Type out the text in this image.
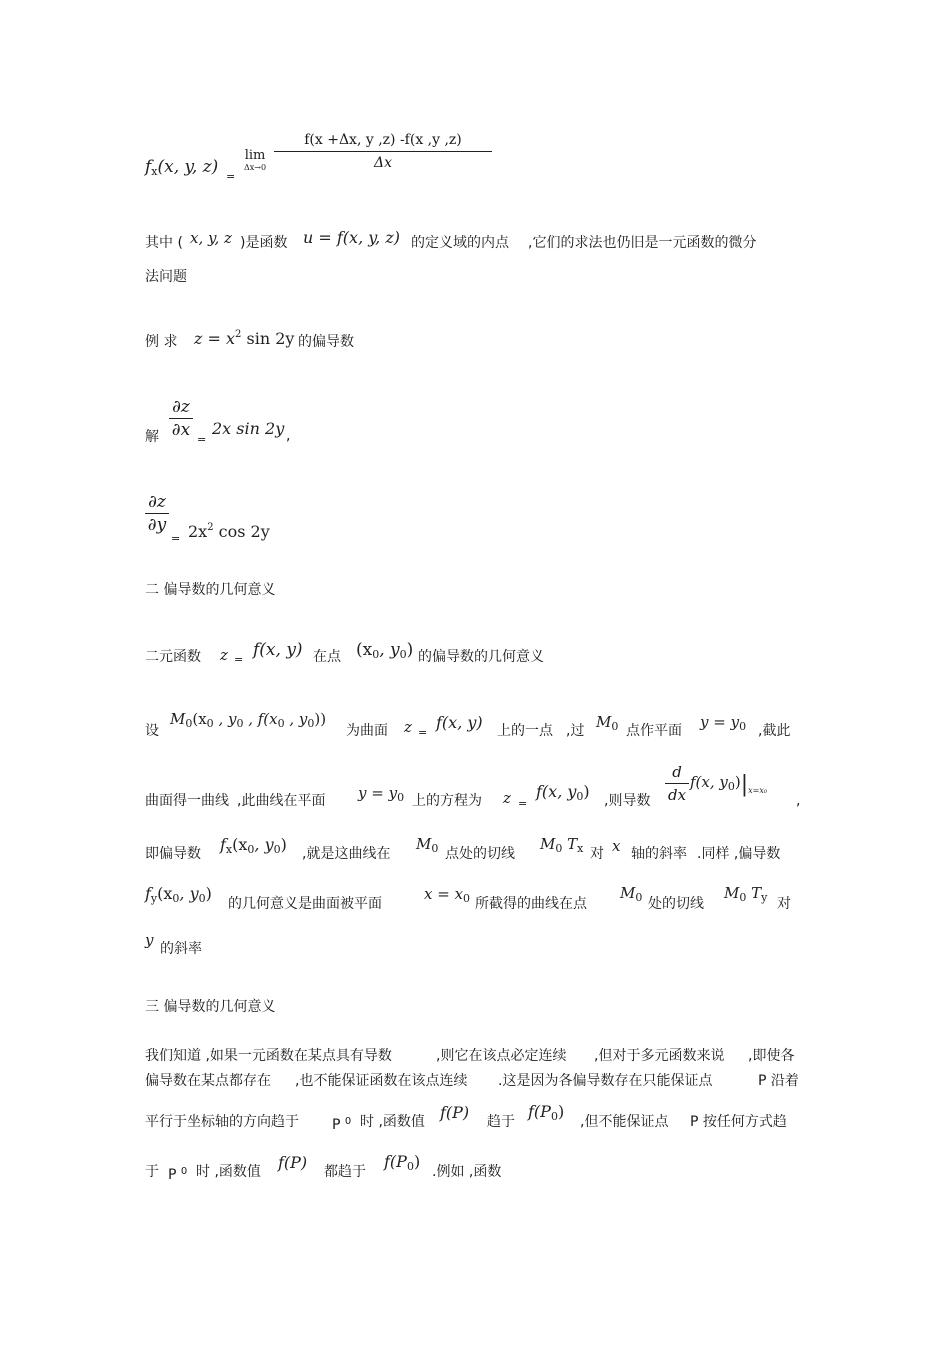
$f_x(x$, y, z) =
lim
$\Delta x\to 0 \frac{f(x +\Delta x, y ,z) -f(x ,y ,z)}{\Delta x}$
其中 ( x, y, z )是函数 u = f(x, y, z) 的定义域的内点 ,它们的求法也仍旧是一元函数的微分
法问题
例 求 $z = x^2$ sin 2y 的偏导数
解 $\frac{\partial z}{\partial x}$ =
2x sin 2y ,
$\frac{\partial z}{\partial y}$
= $2x^2$ cos 2y
二 偏导数的几何意义
二元函数 z = f(x, y) 在点 ($x_0$, $y_0$) 的偏导数的几何意义
设
$M_0(x_0$ , $y_0$ , $f(x_0$ , $y_0$))
为曲面 z =
f(x, y) 上的一点 ,过 $M_0$ 点作平面 $y = y_0$ ,截此
曲面得一曲线 ,此曲线在平面 $y = y_0$ 上的方程为 z =
f(x, $y_0$) ,则导数 $\frac{d}{dx} f(x$, $y_0)|_{x=x_0}$
,
即偏导数 $f_x(x_0$, $y_0$) ,就是这曲线在
$M_0$ 点处的切线
$M_0$ $T_x$ 对 x 轴的斜率 .同样 ,偏导数
$f_y(x_0$, $y_0$)
的几何意义是曲面被平面
$x = x_0$ 所截得的曲线在点
$M_0$ 处的切线
$M_0$ $T_y$ 对
y 的斜率
三 偏导数的几何意义
我们知道 ,如果一元函数在某点具有导数	,则它在该点必定连续 ,但对于多元函数来说 ,即使各
偏导数在某点都存在 ,也不能保证函数在该点连续 .这是因为各偏导数存在只能保证点	P 沿着
平行于坐标轴的方向趋于 P $^0$ 时 ,函数值 f(P) 趋于
$f(P_0)$
,但不能保证点 P 按任何方式趋
于 P $^0$ 时 ,函数值 f(P) 都趋于
$f(P_0)$
.例如 ,函数
